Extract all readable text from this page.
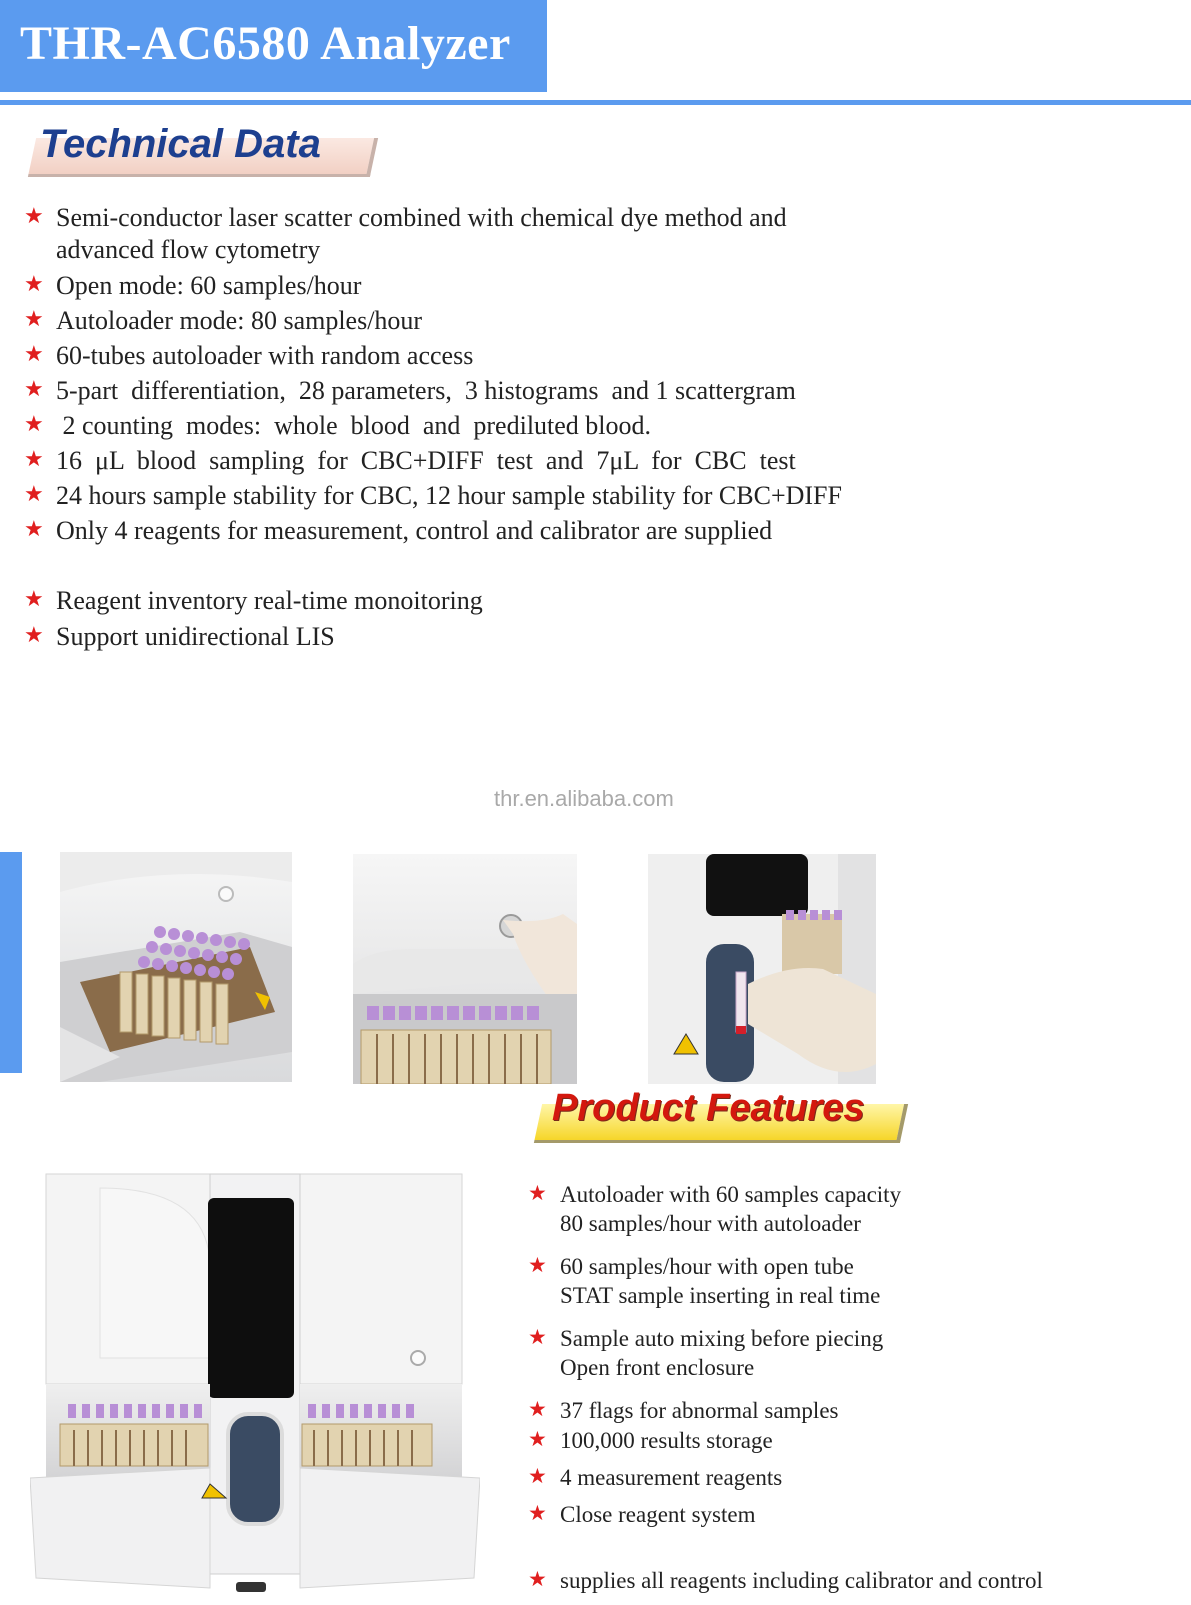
THR-AC6580 Analyzer
Technical Data
★ Semi-conductor laser scatter combined with chemical dye method and
advanced flow cytometry
★ Open mode: 60 samples/hour
★ Autoloader mode: 80 samples/hour
★ 60-tubes autoloader with random access
★ 5-part  differentiation,  28 parameters,  3 histograms  and 1 scattergram
★ 2 counting  modes:  whole  blood  and  prediluted blood.
★ 16  μL  blood  sampling  for  CBC+DIFF  test  and  7μL  for  CBC  test
★ 24 hours sample stability for CBC, 12 hour sample stability for CBC+DIFF
★ Only 4 reagents for measurement, control and calibrator are supplied
★ Reagent inventory real-time monoitoring
★ Support unidirectional LIS
thr.en.alibaba.com
Product Features
★ Autoloader with 60 samples capacity
80 samples/hour with autoloader
★ 60 samples/hour with open tube
STAT sample inserting in real time
★ Sample auto mixing before piecing
Open front enclosure
★ 37 flags for abnormal samples
★ 100,000 results storage
★ 4 measurement reagents
★ Close reagent system
★ supplies all reagents including calibrator and control
